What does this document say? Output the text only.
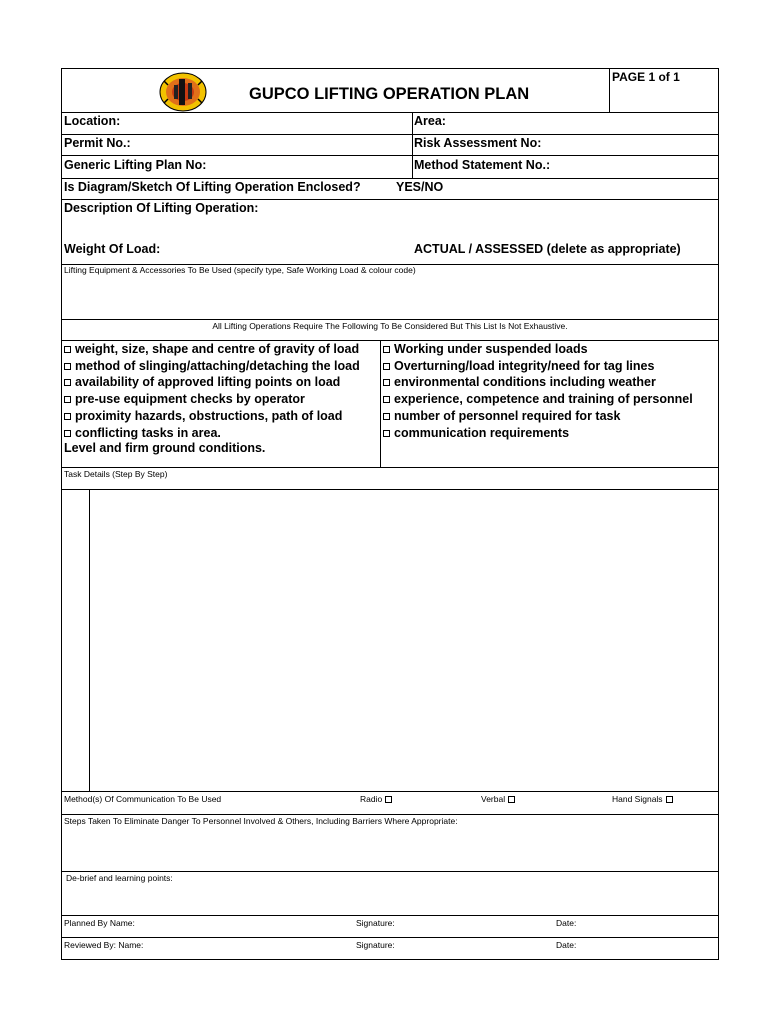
GUPCO LIFTING OPERATION PLAN
PAGE 1 of 1
Location:	Area:
Permit No.:	Risk Assessment No:
Generic Lifting Plan No:	Method Statement No.:
Is Diagram/Sketch Of Lifting Operation Enclosed?	YES/NO
Description Of Lifting Operation:
Weight Of Load:	ACTUAL / ASSESSED (delete as appropriate)
Lifting Equipment & Accessories To Be Used (specify type, Safe Working Load & colour code)
All Lifting Operations Require The Following To Be Considered But This List Is Not Exhaustive.
weight, size, shape and centre of gravity of load
method of slinging/attaching/detaching the load
availability of approved lifting points on load
pre-use equipment checks by operator
proximity hazards, obstructions, path of load
conflicting tasks in area.
Level and firm ground conditions.
Working under suspended loads
Overturning/load integrity/need for tag lines
environmental conditions including weather
experience, competence and training of personnel
number of personnel required for task
communication requirements
Task Details (Step By Step)
Method(s) Of Communication To Be Used	Radio	Verbal	Hand Signals
Steps Taken To Eliminate Danger To Personnel Involved & Others, Including Barriers Where Appropriate:
De-brief and learning points:
Planned By Name:	Signature:	Date:
Reviewed By: Name:	Signature:	Date:
